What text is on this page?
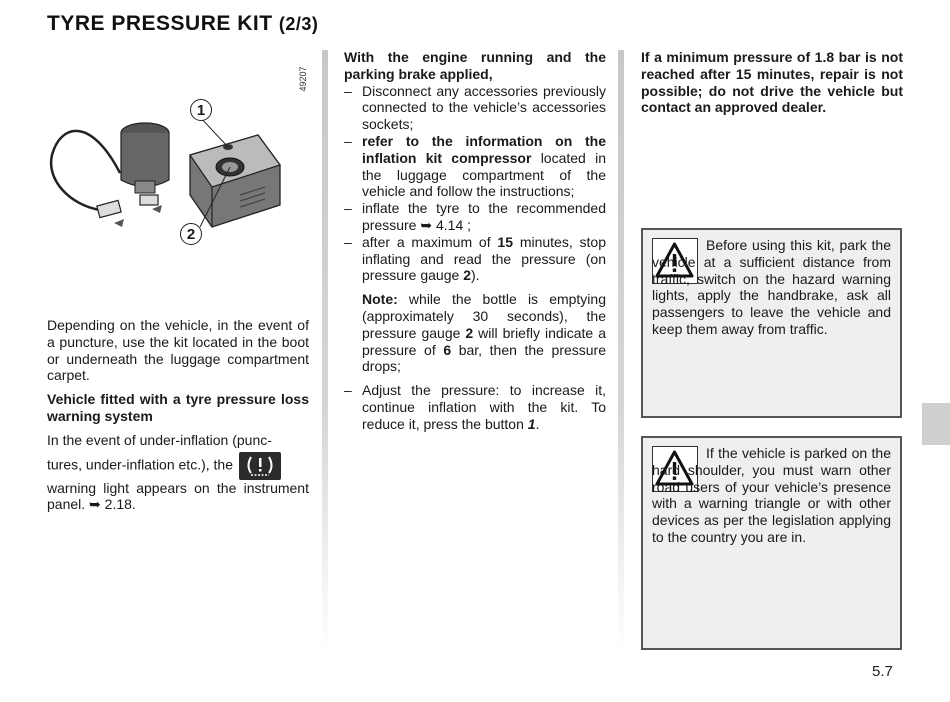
TYRE PRESSURE KIT (2/3)
1
2
49207

Depending on the vehicle, in the event of a puncture, use the kit located in the boot or underneath the luggage compartment carpet.

Vehicle fitted with a tyre pressure loss warning system

In the event of under-inflation (punc-

tures, under-inflation etc.), the

warning light appears on the instrument panel. ➥ 2.18.

With the engine running and the parking brake applied,

– Disconnect any accessories previously connected to the vehicle’s accessories sockets;

– refer to the information on the inflation kit compressor located in the luggage compartment of the vehicle and follow the instructions;

– inflate the tyre to the recommended pressure ➥ 4.14 ;

– after a maximum of 15 minutes, stop inflating and read the pressure (on pressure gauge 2).

Note: while the bottle is emptying (approximately 30 seconds), the pressure gauge 2 will briefly indicate a pressure of 6 bar, then the pressure drops;

– Adjust the pressure: to increase it, continue inflation with the kit. To reduce it, press the button 1.

If a minimum pressure of 1.8 bar is not reached after 15 minutes, repair is not possible; do not drive the vehicle but contact an approved dealer.

Before using this kit, park the vehicle at a sufficient distance from traffic, switch on the hazard warning lights, apply the handbrake, ask all passengers to leave the vehicle and keep them away from traffic.
If the vehicle is parked on the hard shoulder, you must warn other road users of your vehicle’s presence with a warning triangle or with other devices as per the legislation applying to the country you are in.
5.7
